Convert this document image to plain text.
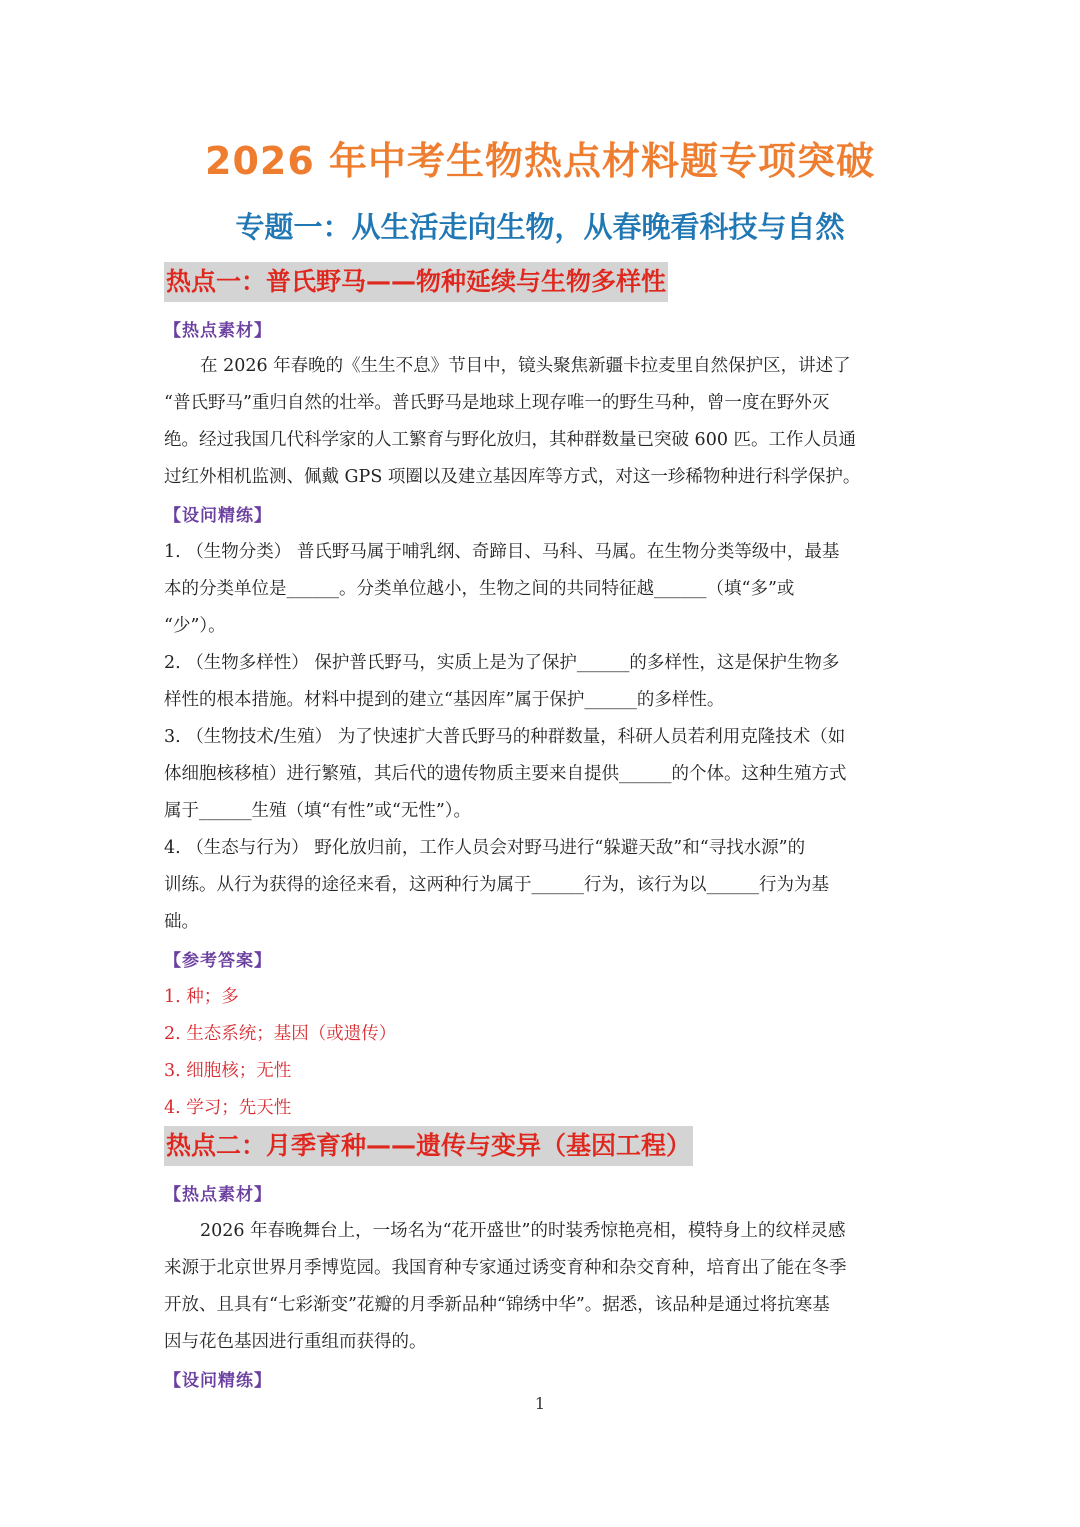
2026 年中考生物热点材料题专项突破
专题一：从生活走向生物，从春晚看科技与自然
热点一：普氏野马——物种延续与生物多样性
【热点素材】
在 2026 年春晚的《生生不息》节目中，镜头聚焦新疆卡拉麦里自然保护区，讲述了
“普氏野马”重归自然的壮举。普氏野马是地球上现存唯一的野生马种，曾一度在野外灭
绝。经过我国几代科学家的人工繁育与野化放归，其种群数量已突破 600 匹。工作人员通
过红外相机监测、佩戴 GPS 项圈以及建立基因库等方式，对这一珍稀物种进行科学保护。
【设问精练】
1. （生物分类） 普氏野马属于哺乳纲、奇蹄目、马科、马属。在生物分类等级中，最基
本的分类单位是______。分类单位越小，生物之间的共同特征越______（填“多”或
“少”）。
2. （生物多样性） 保护普氏野马，实质上是为了保护______的多样性，这是保护生物多
样性的根本措施。材料中提到的建立“基因库”属于保护______的多样性。
3. （生物技术/生殖） 为了快速扩大普氏野马的种群数量，科研人员若利用克隆技术（如
体细胞核移植）进行繁殖，其后代的遗传物质主要来自提供______的个体。这种生殖方式
属于______生殖（填“有性”或“无性”）。
4. （生态与行为） 野化放归前，工作人员会对野马进行“躲避天敌”和“寻找水源”的
训练。从行为获得的途径来看，这两种行为属于______行为，该行为以______行为为基
础。
【参考答案】
1. 种；多
2. 生态系统；基因（或遗传）
3. 细胞核；无性
4. 学习；先天性
热点二：月季育种——遗传与变异（基因工程）
【热点素材】
2026 年春晚舞台上，一场名为“花开盛世”的时装秀惊艳亮相，模特身上的纹样灵感
来源于北京世界月季博览园。我国育种专家通过诱变育种和杂交育种，培育出了能在冬季
开放、且具有“七彩渐变”花瓣的月季新品种“锦绣中华”。据悉，该品种是通过将抗寒基
因与花色基因进行重组而获得的。
【设问精练】
1
